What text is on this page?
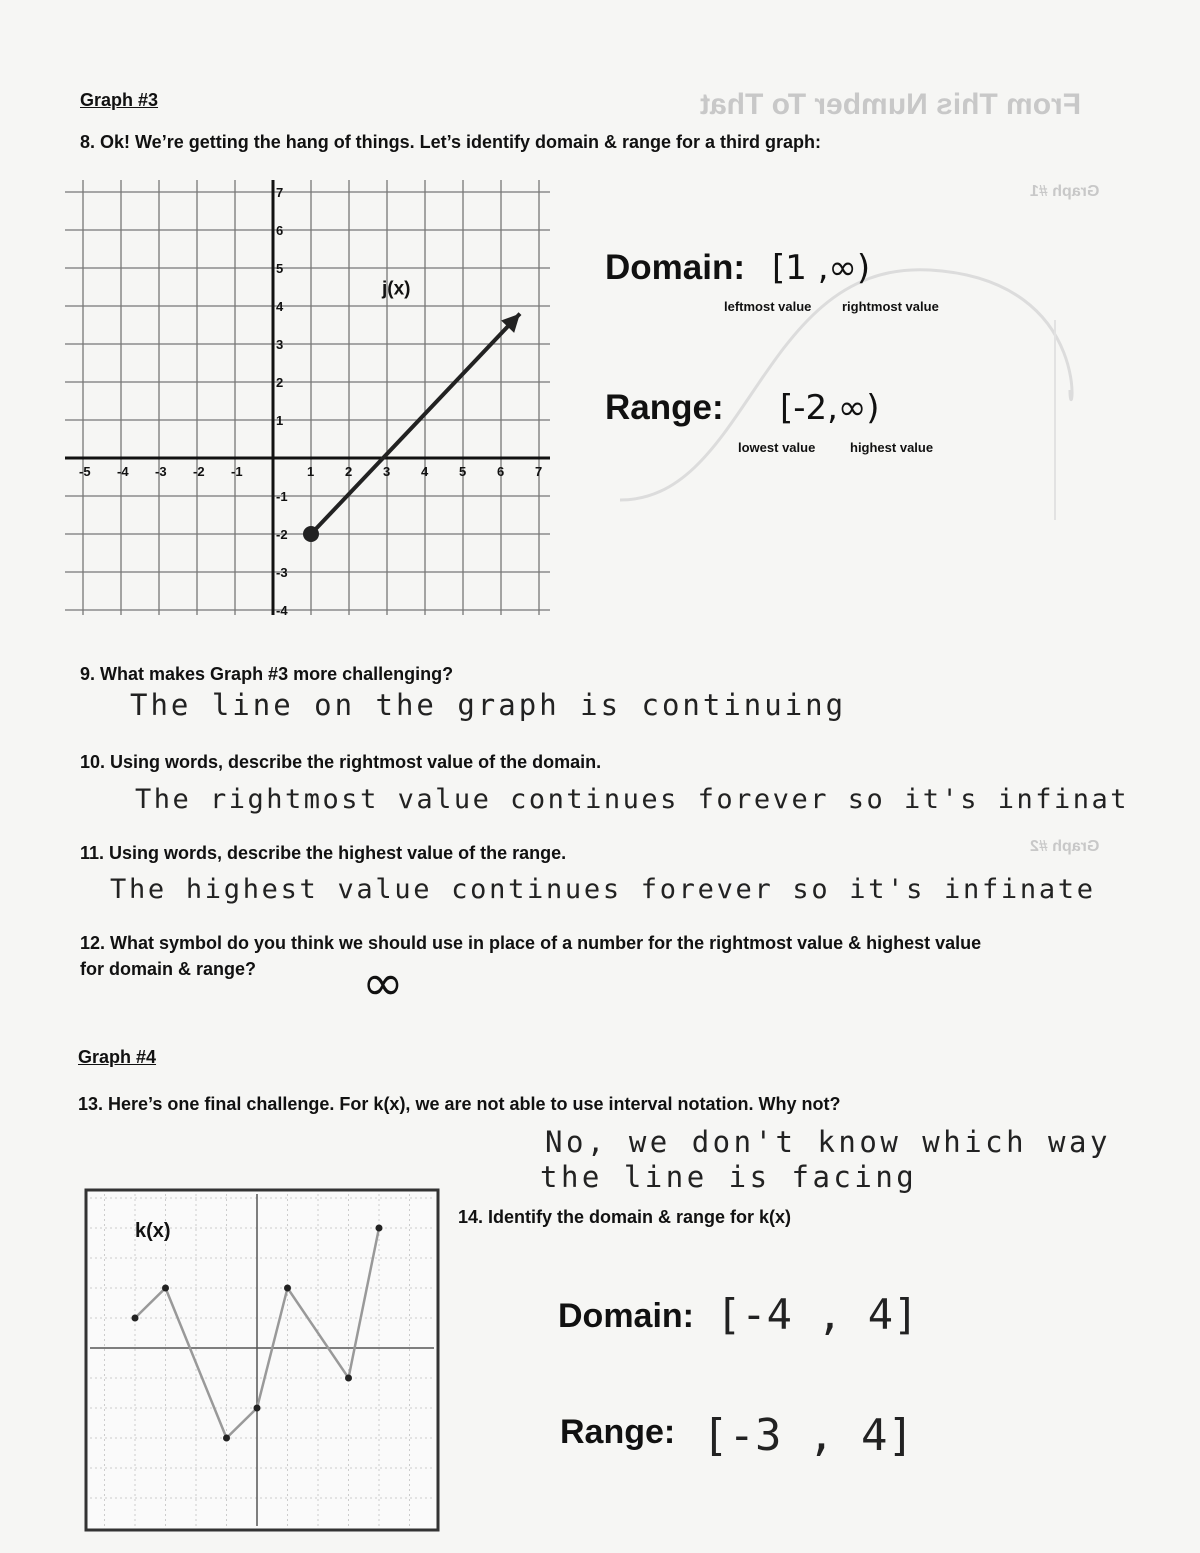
From This Number To That
Graph #1
Graph #2
Graph #3
8. Ok! We’re getting the hang of things. Let’s identify domain & range for a third graph:
-5 -4 -3 -2 -1	1 2 3 4 5 6 7
7
6
5
4
3
2
1
-1
-2
-3
-4
j(x)
Domain: [1 ,∞)
leftmost value rightmost value
Range: [-2,∞)
lowest value	highest value
9. What makes Graph #3 more challenging?
The line on the graph is continuing
10. Using words, describe the rightmost value of the domain.
The rightmost value continues forever so it's infinat
11. Using words, describe the highest value of the range.
The highest value continues forever so it's infinate
12. What symbol do you think we should use in place of a number for the rightmost value & highest value for domain & range?	∞
Graph #4
13. Here’s one final challenge. For k(x), we are not able to use interval notation. Why not?
No, we don't know which way
the line is facing
k(x)
14. Identify the domain & range for k(x)
Domain: [-4 , 4]
Range: [-3 , 4]
